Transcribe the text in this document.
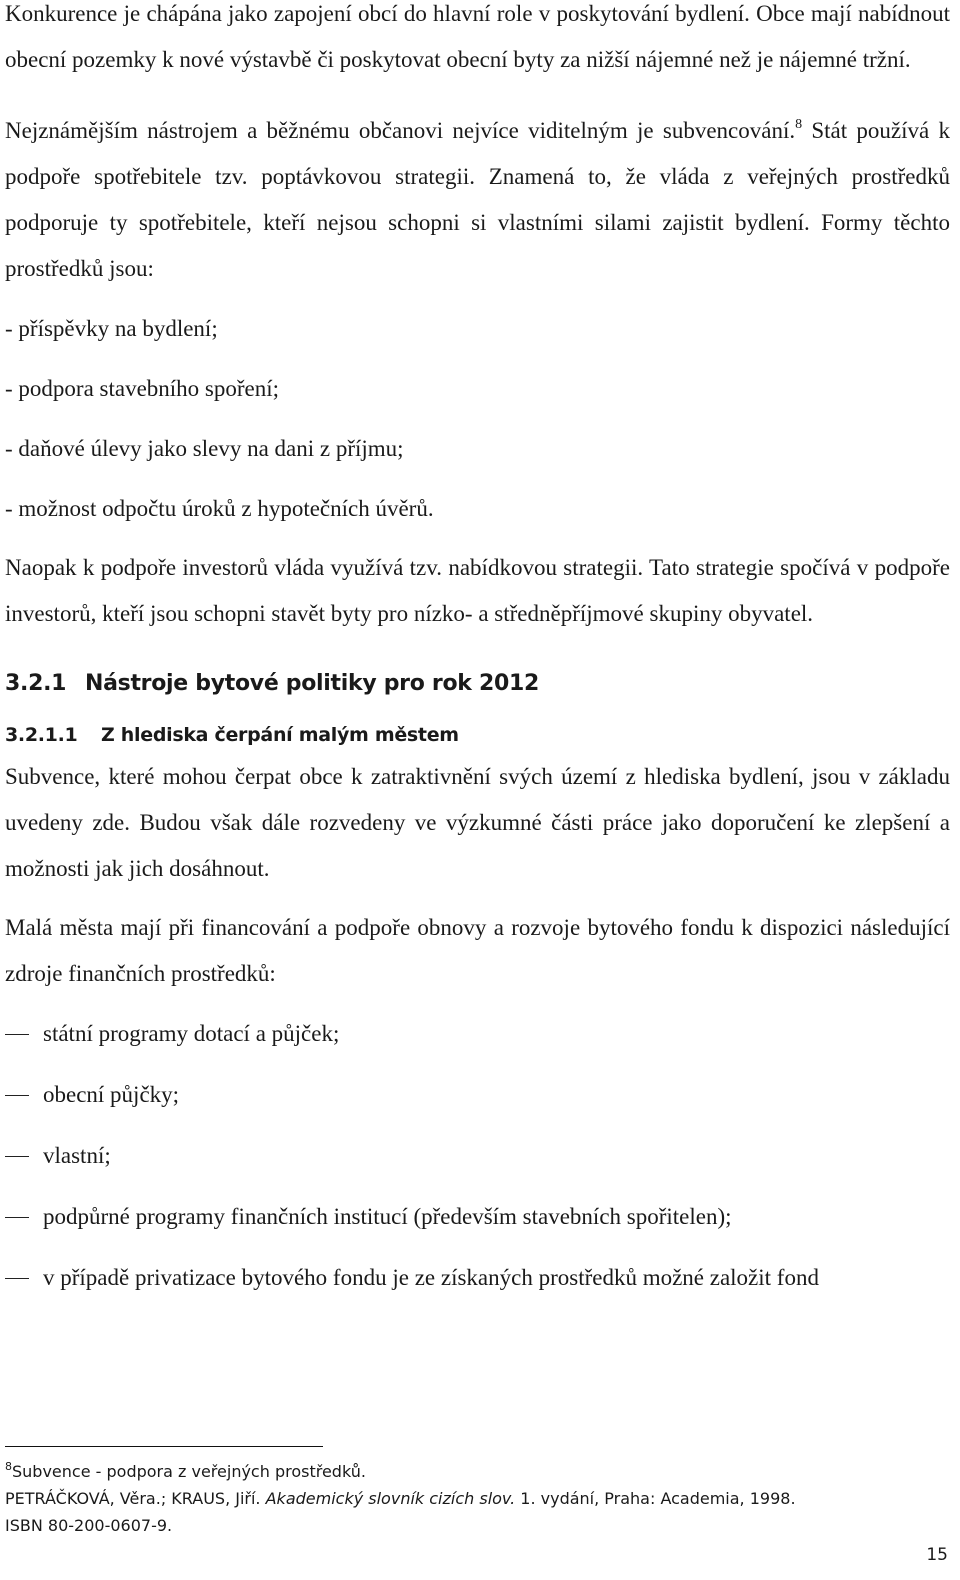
Konkurence je chápána jako zapojení obcí do hlavní role v poskytování bydlení. Obce mají nabídnout obecní pozemky k nové výstavbě či poskytovat obecní byty za nižší nájemné než je nájemné tržní.

Nejznámějším nástrojem a běžnému občanovi nejvíce viditelným je subvencování.$^8$ Stát používá k podpoře spotřebitele tzv. poptávkovou strategii. Znamená to, že vláda z veřejných prostředků podporuje ty spotřebitele, kteří nejsou schopni si vlastními silami zajistit bydlení. Formy těchto prostředků jsou:

- příspěvky na bydlení;

- podpora stavebního spoření;

- daňové úlevy jako slevy na dani z příjmu;

- možnost odpočtu úroků z hypotečních úvěrů.

Naopak k podpoře investorů vláda využívá tzv. nabídkovou strategii. Tato strategie spočívá v podpoře investorů, kteří jsou schopni stavět byty pro nízko- a středněpříjmové skupiny obyvatel.

3.2.1 Nástroje bytové politiky pro rok 2012
3.2.1.1 Z hlediska čerpání malým městem

Subvence, které mohou čerpat obce k zatraktivnění svých území z hlediska bydlení, jsou v základu uvedeny zde. Budou však dále rozvedeny ve výzkumné části práce jako doporučení ke zlepšení a možnosti jak jich dosáhnout.

Malá města mají při financování a podpoře obnovy a rozvoje bytového fondu k dispozici následující zdroje finančních prostředků:

státní programy dotací a půjček;
obecní půjčky;
vlastní;
podpůrné programy finančních institucí (především stavebních spořitelen);
v případě privatizace bytového fondu je ze získaných prostředků možné založit fond

$^8$Subvence - podpora z veřejných prostředků.

PETRÁČKOVÁ, Věra.; KRAUS, Jiří. Akademický slovník cizích slov. 1. vydání, Praha: Academia, 1998.

ISBN 80-200-0607-9.

15
